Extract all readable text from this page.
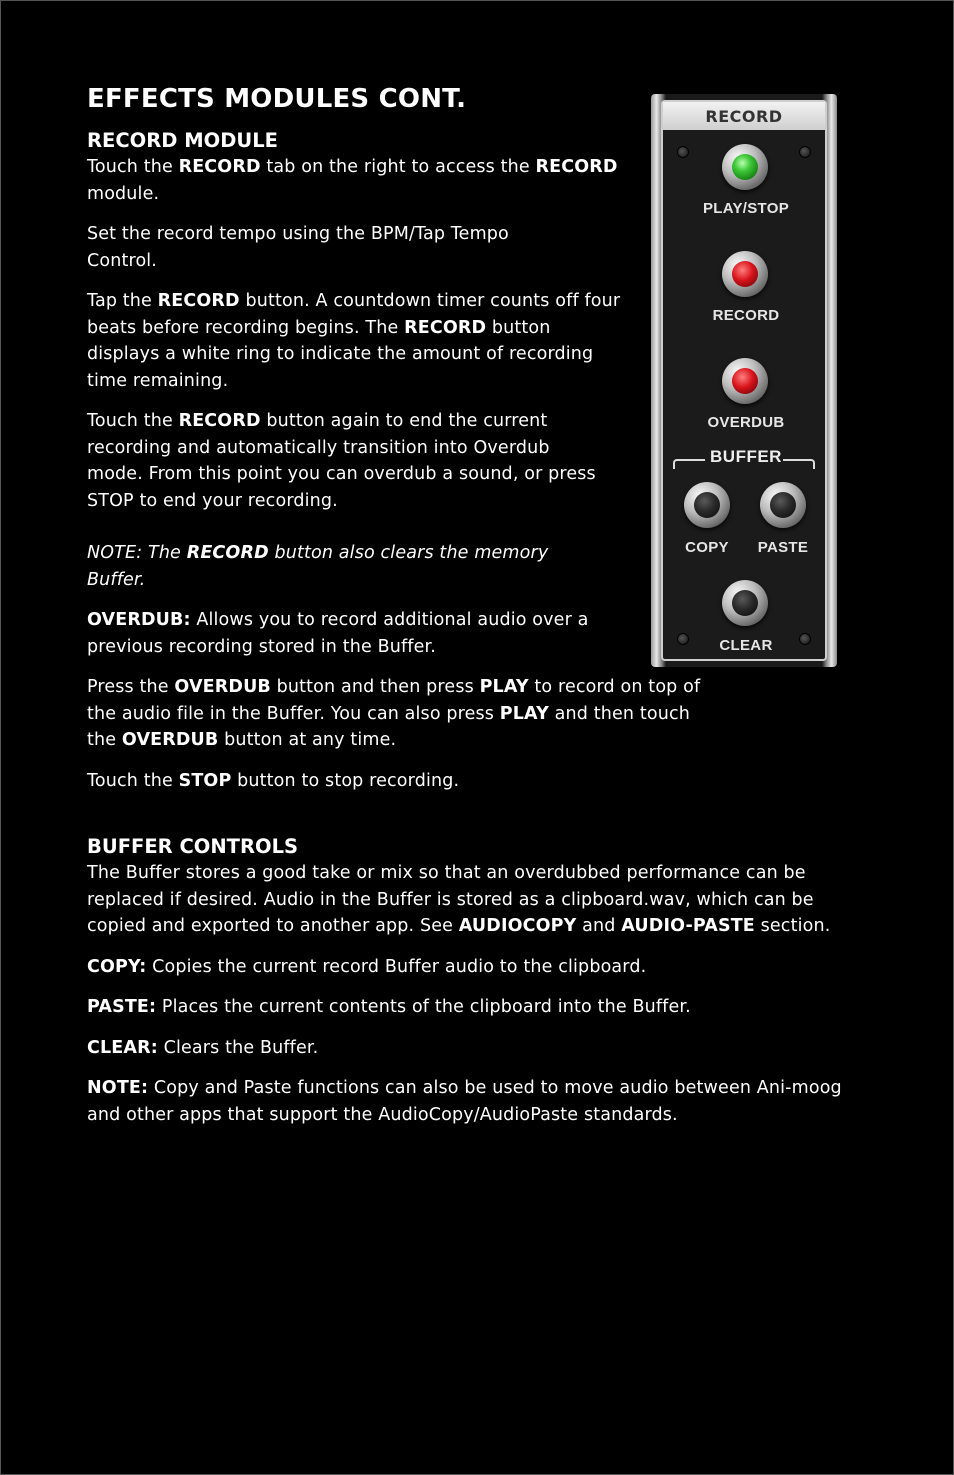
EFFECTS MODULES CONT.
RECORD MODULE

Touch the RECORD tab on the right to access the RECORD module.

Set the record tempo using the BPM/Tap Tempo Control.

Tap the RECORD button. A countdown timer counts off four beats before recording begins. The RECORD button displays a white ring to indicate the amount of recording time remaining.

Touch the RECORD button again to end the current recording and automatically transition into Overdub mode. From this point you can overdub a sound, or press STOP to end your recording.

NOTE: The RECORD button also clears the memory Buffer.

OVERDUB: Allows you to record additional audio over a previous recording stored in the Buffer.

Press the OVERDUB button and then press PLAY to record on top of the audio file in the Buffer. You can also press PLAY and then touch the OVERDUB button at any time.

Touch the STOP button to stop recording.

BUFFER CONTROLS

The Buffer stores a good take or mix so that an overdubbed performance can be replaced if desired. Audio in the Buffer is stored as a clipboard.wav, which can be copied and exported to another app. See AUDIOCOPY and AUDIO-PASTE section.

COPY: Copies the current record Buffer audio to the clipboard.

PASTE: Places the current contents of the clipboard into the Buffer.

CLEAR: Clears the Buffer.

NOTE: Copy and Paste functions can also be used to move audio between Ani-moog and other apps that support the AudioCopy/AudioPaste standards.

RECORD
PLAY/STOP
RECORD
OVERDUB
BUFFER
COPY	PASTE
CLEAR
